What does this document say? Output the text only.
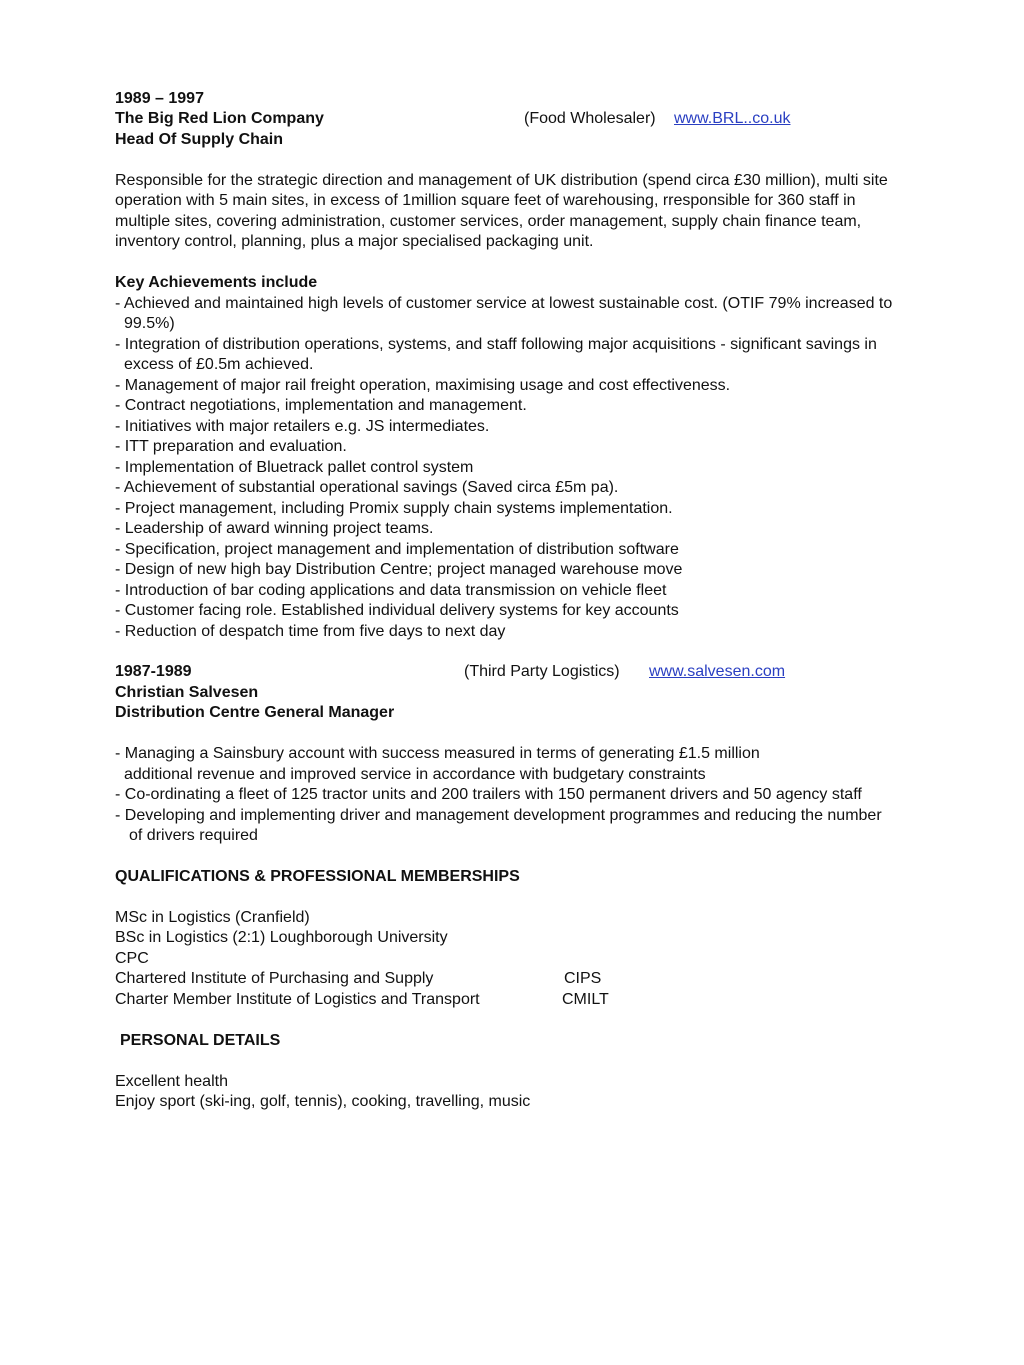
1989 – 1997
The Big Red Lion Company	(Food Wholesaler) www.BRL..co.uk
Head Of Supply Chain
Responsible for the strategic direction and management of UK distribution (spend circa £30 million), multi site
operation with 5 main sites, in excess of 1million square feet of warehousing, rresponsible for 360 staff in
multiple sites, covering administration, customer services, order management, supply chain finance team,
inventory control, planning, plus a major specialised packaging unit.
Key Achievements include
- Achieved and maintained high levels of customer service at lowest sustainable cost. (OTIF 79% increased to
99.5%)
- Integration of distribution operations, systems, and staff following major acquisitions - significant savings in
excess of £0.5m achieved.
- Management of major rail freight operation, maximising usage and cost effectiveness.
- Contract negotiations, implementation and management.
- Initiatives with major retailers e.g. JS intermediates.
- ITT preparation and evaluation.
- Implementation of Bluetrack pallet control system
- Achievement of substantial operational savings (Saved circa £5m pa).
- Project management, including Promix supply chain systems implementation.
- Leadership of award winning project teams.
- Specification, project management and implementation of distribution software
- Design of new high bay Distribution Centre; project managed warehouse move
- Introduction of bar coding applications and data transmission on vehicle fleet
- Customer facing role. Established individual delivery systems for key accounts
- Reduction of despatch time from five days to next day
1987-1989	(Third Party Logistics) www.salvesen.com
Christian Salvesen
Distribution Centre General Manager
- Managing a Sainsbury account with success measured in terms of generating £1.5 million
additional revenue and improved service in accordance with budgetary constraints
- Co-ordinating a fleet of 125 tractor units and 200 trailers with 150 permanent drivers and 50 agency staff
- Developing and implementing driver and management development programmes and reducing the number
of drivers required
QUALIFICATIONS & PROFESSIONAL MEMBERSHIPS
MSc in Logistics (Cranfield)
BSc in Logistics (2:1) Loughborough University
CPC
Chartered Institute of Purchasing and Supply	CIPS
Charter Member Institute of Logistics and Transport	CMILT
PERSONAL DETAILS
Excellent health
Enjoy sport (ski-ing, golf, tennis), cooking, travelling, music
